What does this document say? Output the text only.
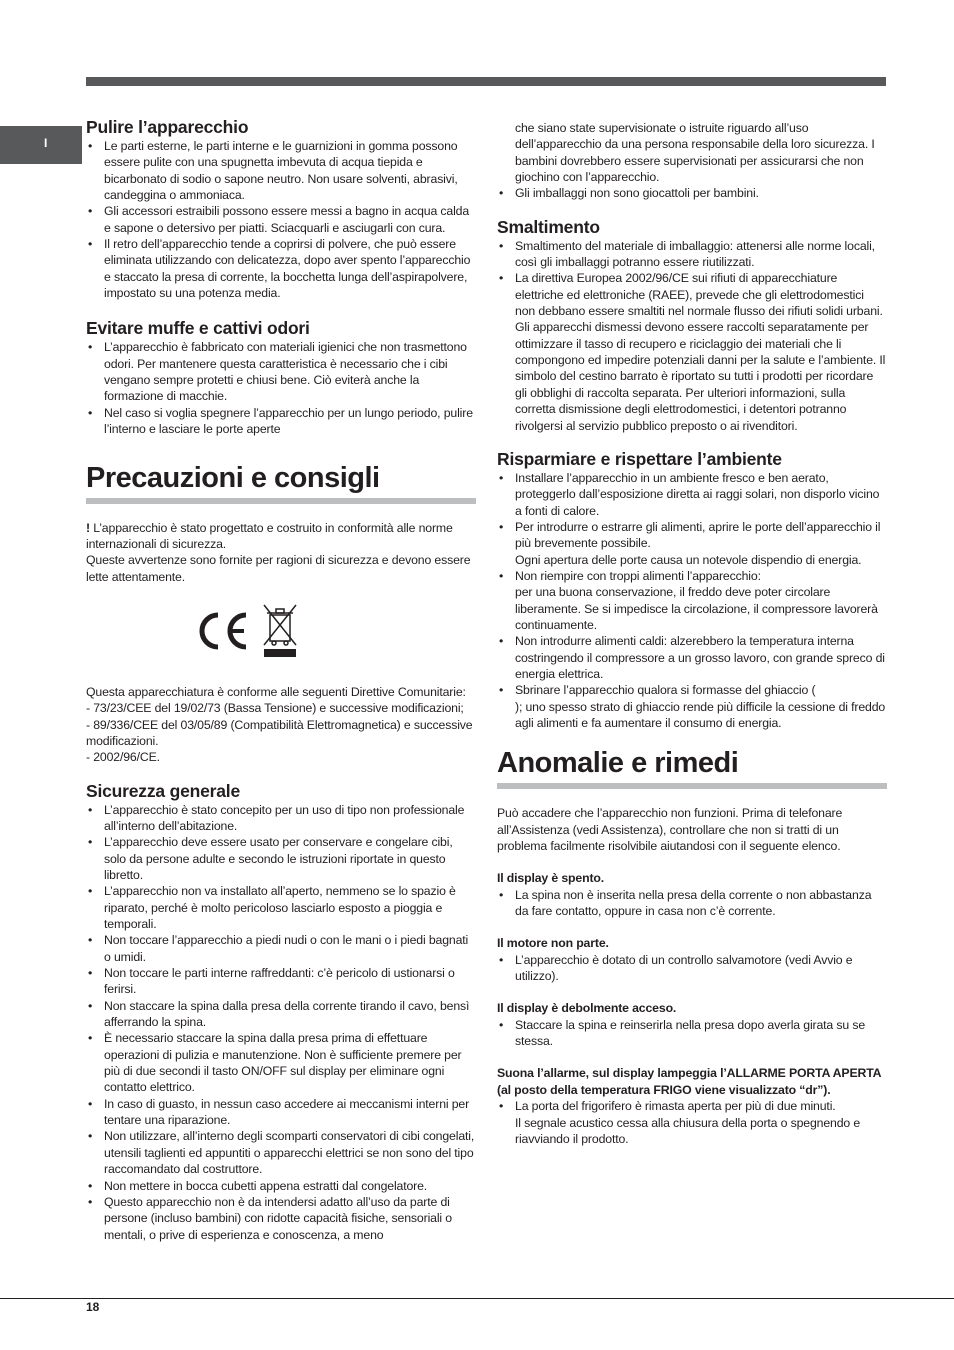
I
Pulire l’apparecchio
• Le parti esterne, le parti interne e le guarnizioni in gomma possono essere pulite con una spugnetta imbevuta di acqua tiepida e bicarbonato di sodio o sapone neutro. Non usare solventi, abrasivi, candeggina o ammoniaca.
• Gli accessori estraibili possono essere messi a bagno in acqua calda e sapone o detersivo per piatti. Sciacquarli e asciugarli con cura.
• Il retro dell’apparecchio tende a coprirsi di polvere, che può essere eliminata utilizzando con delicatezza, dopo aver spento l’apparecchio e staccato la presa di corrente, la bocchetta lunga dell’aspirapolvere, impostato su una potenza media.
Evitare muffe e cattivi odori
• L’apparecchio è fabbricato con materiali igienici che non trasmettono odori. Per mantenere questa caratteristica è necessario che i cibi vengano sempre protetti e chiusi bene. Ciò eviterà anche la formazione di macchie.
• Nel caso si voglia spegnere l’apparecchio per un lungo periodo, pulire l’interno e lasciare le porte aperte
Precauzioni e consigli

! L’apparecchio è stato progettato e costruito in conformità alle norme internazionali di sicurezza.

Queste avvertenze sono fornite per ragioni di sicurezza e devono essere lette attentamente.

Questa apparecchiatura è conforme alle seguenti Direttive Comunitarie:

- 73/23/CEE del 19/02/73 (Bassa Tensione) e successive modificazioni;

- 89/336/CEE del 03/05/89 (Compatibilità Elettromagnetica) e successive modificazioni.

- 2002/96/CE.

Sicurezza generale
• L’apparecchio è stato concepito per un uso di tipo non professionale all’interno dell’abitazione.
• L’apparecchio deve essere usato per conservare e congelare cibi, solo da persone adulte e secondo le istruzioni riportate in questo libretto.
• L’apparecchio non va installato all’aperto, nemmeno se lo spazio è riparato, perché è molto pericoloso lasciarlo esposto a pioggia e temporali.
• Non toccare l’apparecchio a piedi nudi o con le mani o i piedi bagnati o umidi.
• Non toccare le parti interne raffreddanti: c’è pericolo di ustionarsi o ferirsi.
• Non staccare la spina dalla presa della corrente tirando il cavo, bensì afferrando la spina.
• È necessario staccare la spina dalla presa prima di effettuare operazioni di pulizia e manutenzione. Non è sufficiente premere per più di due secondi il tasto ON/OFF sul display per eliminare ogni contatto elettrico.
• In caso di guasto, in nessun caso accedere ai meccanismi interni per tentare una riparazione.
• Non utilizzare, all’interno degli scomparti conservatori di cibi congelati, utensili taglienti ed appuntiti o apparecchi elettrici se non sono del tipo raccomandato dal costruttore.
• Non mettere in bocca cubetti appena estratti dal congelatore.
• Questo apparecchio non è da intendersi adatto all’uso da parte di persone (incluso bambini) con ridotte capacità fisiche, sensoriali o mentali, o prive di esperienza e conoscenza, a meno
che siano state supervisionate o istruite riguardo all’uso dell’apparecchio da una persona responsabile della loro sicurezza. I bambini dovrebbero essere supervisionati per assicurarsi che non giochino con l’apparecchio.
• Gli imballaggi non sono giocattoli per bambini.
Smaltimento
• Smaltimento del materiale di imballaggio: attenersi alle norme locali, così gli imballaggi potranno essere riutilizzati.
• La direttiva Europea 2002/96/CE sui rifiuti di apparecchiature elettriche ed elettroniche (RAEE), prevede che gli elettrodomestici non debbano essere smaltiti nel normale flusso dei rifiuti solidi urbani. Gli apparecchi dismessi devono essere raccolti separatamente per ottimizzare il tasso di recupero e riciclaggio dei materiali che li compongono ed impedire potenziali danni per la salute e l’ambiente. Il simbolo del cestino barrato è riportato su tutti i prodotti per ricordare gli obblighi di raccolta separata. Per ulteriori informazioni, sulla corretta dismissione degli elettrodomestici, i detentori potranno rivolgersi al servizio pubblico preposto o ai rivenditori.
Risparmiare e rispettare l’ambiente
• Installare l’apparecchio in un ambiente fresco e ben aerato, proteggerlo dall’esposizione diretta ai raggi solari, non disporlo vicino a fonti di calore.
• Per introdurre o estrarre gli alimenti, aprire le porte dell’apparecchio il più brevemente possibile.
Ogni apertura delle porte causa un notevole dispendio di energia.
• Non riempire con troppi alimenti l’apparecchio:
per una buona conservazione, il freddo deve poter circolare liberamente. Se si impedisce la circolazione, il compressore lavorerà continuamente.
• Non introdurre alimenti caldi: alzerebbero la temperatura interna costringendo il compressore a un grosso lavoro, con grande spreco di energia elettrica.
• Sbrinare l’apparecchio qualora si formasse del ghiaccio (
); uno spesso strato di ghiaccio rende più difficile la cessione di freddo agli alimenti e fa aumentare il consumo di energia.
Anomalie e rimedi

Può accadere che l’apparecchio non funzioni. Prima di telefonare all’Assistenza (vedi Assistenza), controllare che non si tratti di un problema facilmente risolvibile aiutandosi con il seguente elenco.

Il display è spento.

• La spina non è inserita nella presa della corrente o non abbastanza da fare contatto, oppure in casa non c’è corrente.

Il motore non parte.

• L’apparecchio è dotato di un controllo salvamotore (vedi Avvio e utilizzo).

Il display è debolmente acceso.

• Staccare la spina e reinserirla nella presa dopo averla girata su se stessa.

Suona l’allarme, sul display lampeggia l’ALLARME PORTA APERTA (al posto della temperatura FRIGO viene visualizzato “dr”).

• La porta del frigorifero è rimasta aperta per più di due minuti.
Il segnale acustico cessa alla chiusura della porta o spegnendo e riavviando il prodotto.
18
